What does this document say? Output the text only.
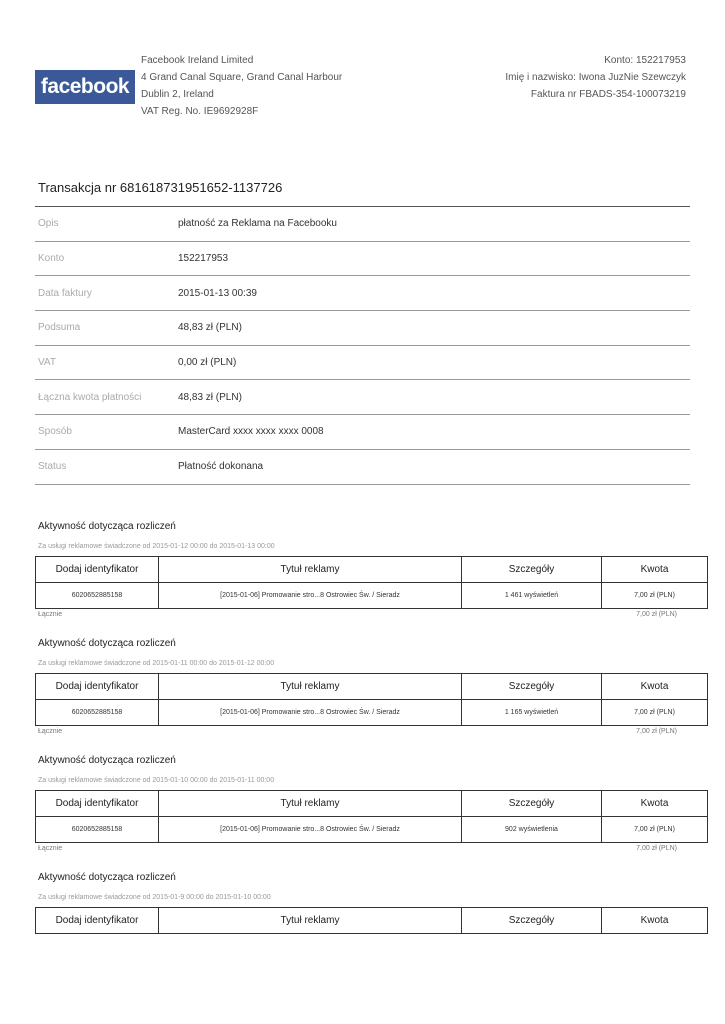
facebook
Facebook Ireland Limited
4 Grand Canal Square, Grand Canal Harbour
Dublin 2, Ireland
VAT Reg. No. IE9692928F
Konto: 152217953
Imię i nazwisko: Iwona JuzNie Szewczyk
Faktura nr FBADS-354-100073219
Transakcja nr 681618731951652-1137726
Opis	płatność za Reklama na Facebooku
Konto	152217953
Data faktury	2015-01-13 00:39
Podsuma	48,83 zł (PLN)
VAT	0,00 zł (PLN)
Łączna kwota płatności	48,83 zł (PLN)
Sposób	MasterCard xxxx xxxx xxxx 0008
Status	Płatność dokonana
Aktywność dotycząca rozliczeń
Za usługi reklamowe świadczone od 2015-01-12 00:00 do 2015-01-13 00:00
Dodaj identyfikator	Tytuł reklamy	Szczegóły	Kwota
6020652885158	[2015-01-06] Promowanie stro...8 Ostrowiec Św. / Sieradz	1 461 wyświetleń	7,00 zł (PLN)
Łącznie	7,00 zł (PLN)
Aktywność dotycząca rozliczeń
Za usługi reklamowe świadczone od 2015-01-11 00:00 do 2015-01-12 00:00
Dodaj identyfikator	Tytuł reklamy	Szczegóły	Kwota
6020652885158	[2015-01-06] Promowanie stro...8 Ostrowiec Św. / Sieradz	1 165 wyświetleń	7,00 zł (PLN)
Łącznie	7,00 zł (PLN)
Aktywność dotycząca rozliczeń
Za usługi reklamowe świadczone od 2015-01-10 00:00 do 2015-01-11 00:00
Dodaj identyfikator	Tytuł reklamy	Szczegóły	Kwota
6020652885158	[2015-01-06] Promowanie stro...8 Ostrowiec Św. / Sieradz	902 wyświetlenia	7,00 zł (PLN)
Łącznie	7,00 zł (PLN)
Aktywność dotycząca rozliczeń
Za usługi reklamowe świadczone od 2015-01-9 00:00 do 2015-01-10 00:00
Dodaj identyfikator	Tytuł reklamy	Szczegóły	Kwota
